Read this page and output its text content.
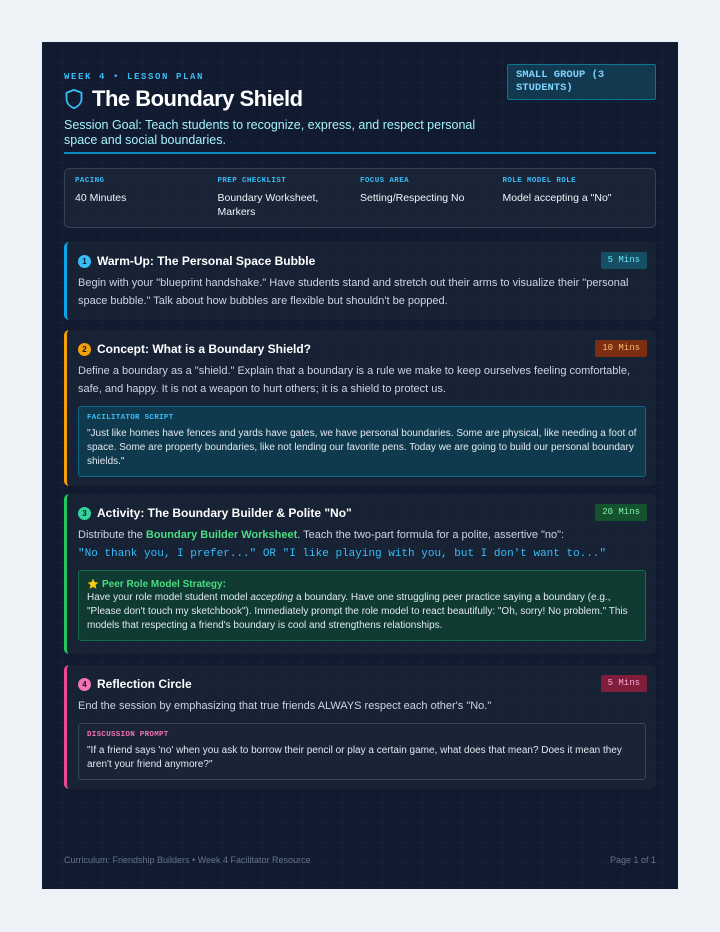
WEEK 4 • LESSON PLAN
The Boundary Shield
Session Goal: Teach students to recognize, express, and respect personal space and social boundaries.
SMALL GROUP (3 STUDENTS)
PACING
40 Minutes
PREP CHECKLIST
Boundary Worksheet, Markers
FOCUS AREA
Setting/Respecting No
ROLE MODEL ROLE
Model accepting a "No"
1 Warm-Up: The Personal Space Bubble	5 Mins
Begin with your "blueprint handshake." Have students stand and stretch out their arms to visualize their "personal space bubble." Talk about how bubbles are flexible but shouldn't be popped.
2 Concept: What is a Boundary Shield?	10 Mins
Define a boundary as a "shield." Explain that a boundary is a rule we make to keep ourselves feeling comfortable, safe, and happy. It is not a weapon to hurt others; it is a shield to protect us.
FACILITATOR SCRIPT
"Just like homes have fences and yards have gates, we have personal boundaries. Some are physical, like needing a foot of space. Some are property boundaries, like not lending our favorite pens. Today we are going to build our personal boundary shields."
3 Activity: The Boundary Builder & Polite "No"	20 Mins
Distribute the Boundary Builder Worksheet. Teach the two-part formula for a polite, assertive "no":
"No thank you, I prefer..." OR "I like playing with you, but I don't want to..."
Peer Role Model Strategy:
Have your role model student model accepting a boundary. Have one struggling peer practice saying a boundary (e.g., "Please don't touch my sketchbook"). Immediately prompt the role model to react beautifully: "Oh, sorry! No problem." This models that respecting a friend's boundary is cool and strengthens relationships.
4 Reflection Circle	5 Mins
End the session by emphasizing that true friends ALWAYS respect each other's "No."
DISCUSSION PROMPT
"If a friend says 'no' when you ask to borrow their pencil or play a certain game, what does that mean? Does it mean they aren't your friend anymore?"
Curriculum: Friendship Builders • Week 4 Facilitator Resource	Page 1 of 1
